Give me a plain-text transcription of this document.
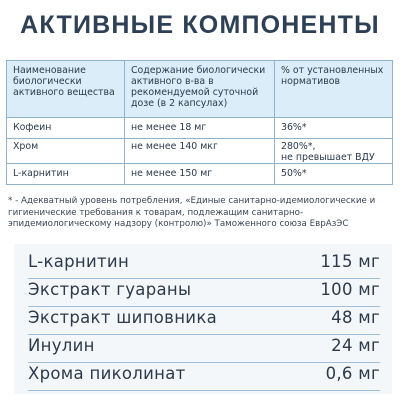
АКТИВНЫЕ КОМПОНЕНТЫ
Наименование биологически активного вещества	Содержание биологически активного в-ва в рекомендуемой суточной дозе (в 2 капсулах)	% от установленных нормативов
Кофеин	не менее 18 мг	36%*
Хром	не менее 140 мкг	280%*,
не превышает ВДУ

L-карнитин	не менее 150 мг	50%*
* - Адекватный уровень потребления, «Единые санитарно-идемиологические и гигиенические требования к товарам, подлежащим санитарно-эпидемиологическому надзору (контролю)» Таможенного союза ЕврАзЭС
L-карнитин	115 мг
Экстракт гуараны	100 мг
Экстракт шиповника	48 мг
Инулин	24 мг
Хрома пиколинат	0,6 мг
